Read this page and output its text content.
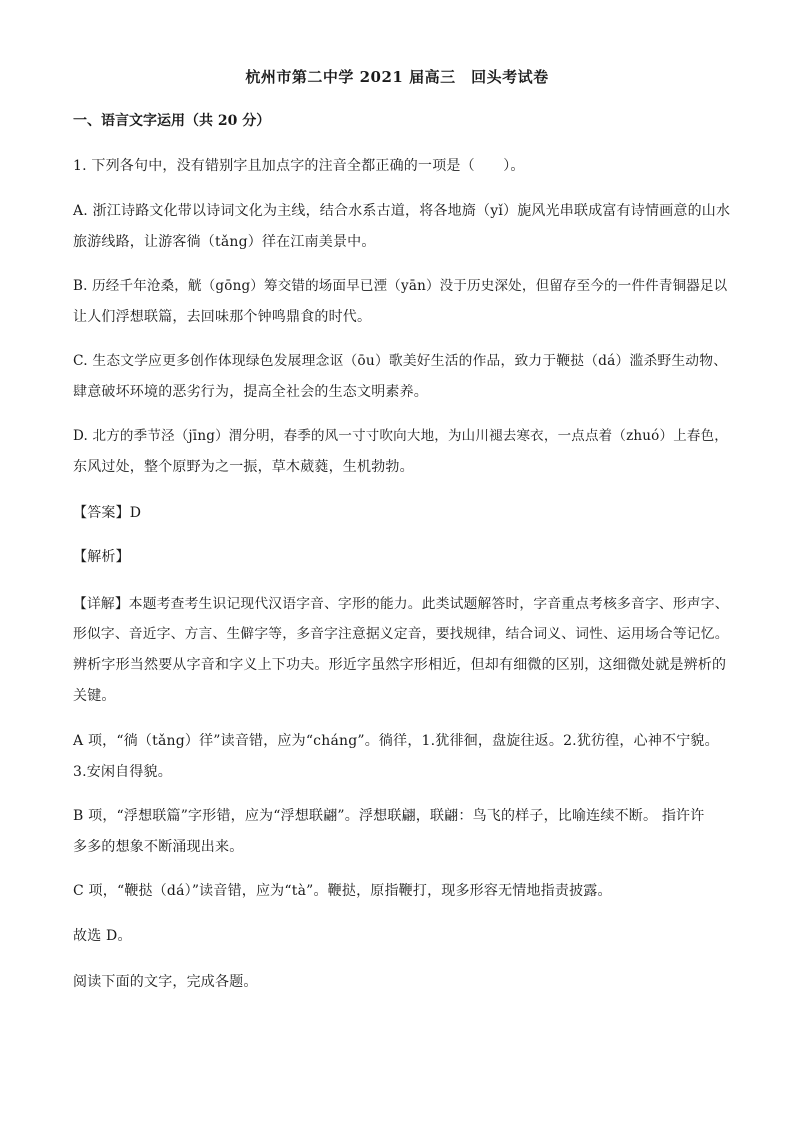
杭州市第二中学 2021 届高三　回头考试卷
一、语言文字运用（共 20 分）
1. 下列各句中，没有错别字且加点字的注音全都正确的一项是（　　）。
A. 浙江诗路文化带以诗词文化为主线，结合水系古道，将各地旖（yǐ）旎风光串联成富有诗情画意的山水
旅游线路，让游客徜（tǎng）徉在江南美景中。
B. 历经千年沧桑，觥（gōng）筹交错的场面早已湮（yān）没于历史深处，但留存至今的一件件青铜器足以
让人们浮想联篇，去回味那个钟鸣鼎食的时代。
C. 生态文学应更多创作体现绿色发展理念讴（ōu）歌美好生活的作品，致力于鞭挞（dá）滥杀野生动物、
肆意破坏环境的恶劣行为，提高全社会的生态文明素养。
D. 北方的季节泾（jīng）渭分明，春季的风一寸寸吹向大地，为山川褪去寒衣，一点点着（zhuó）上春色，
东风过处，整个原野为之一振，草木葳蕤，生机勃勃。
【答案】D
【解析】
【详解】本题考查考生识记现代汉语字音、字形的能力。此类试题解答时，字音重点考核多音字、形声字、
形似字、音近字、方言、生僻字等，多音字注意据义定音，要找规律，结合词义、词性、运用场合等记忆。
辨析字形当然要从字音和字义上下功夫。形近字虽然字形相近，但却有细微的区别，这细微处就是辨析的
关键。
A 项，“徜（tǎng）徉”读音错，应为“cháng”。徜徉，1.犹徘徊，盘旋往返。2.犹彷徨，心神不宁貌。
3.安闲自得貌。
B 项，“浮想联篇”字形错，应为“浮想联翩”。浮想联翩，联翩：鸟飞的样子，比喻连续不断。 指许许
多多的想象不断涌现出来。
C 项，“鞭挞（dá）”读音错，应为“tà”。鞭挞，原指鞭打，现多形容无情地指责披露。
故选 D。
阅读下面的文字，完成各题。
